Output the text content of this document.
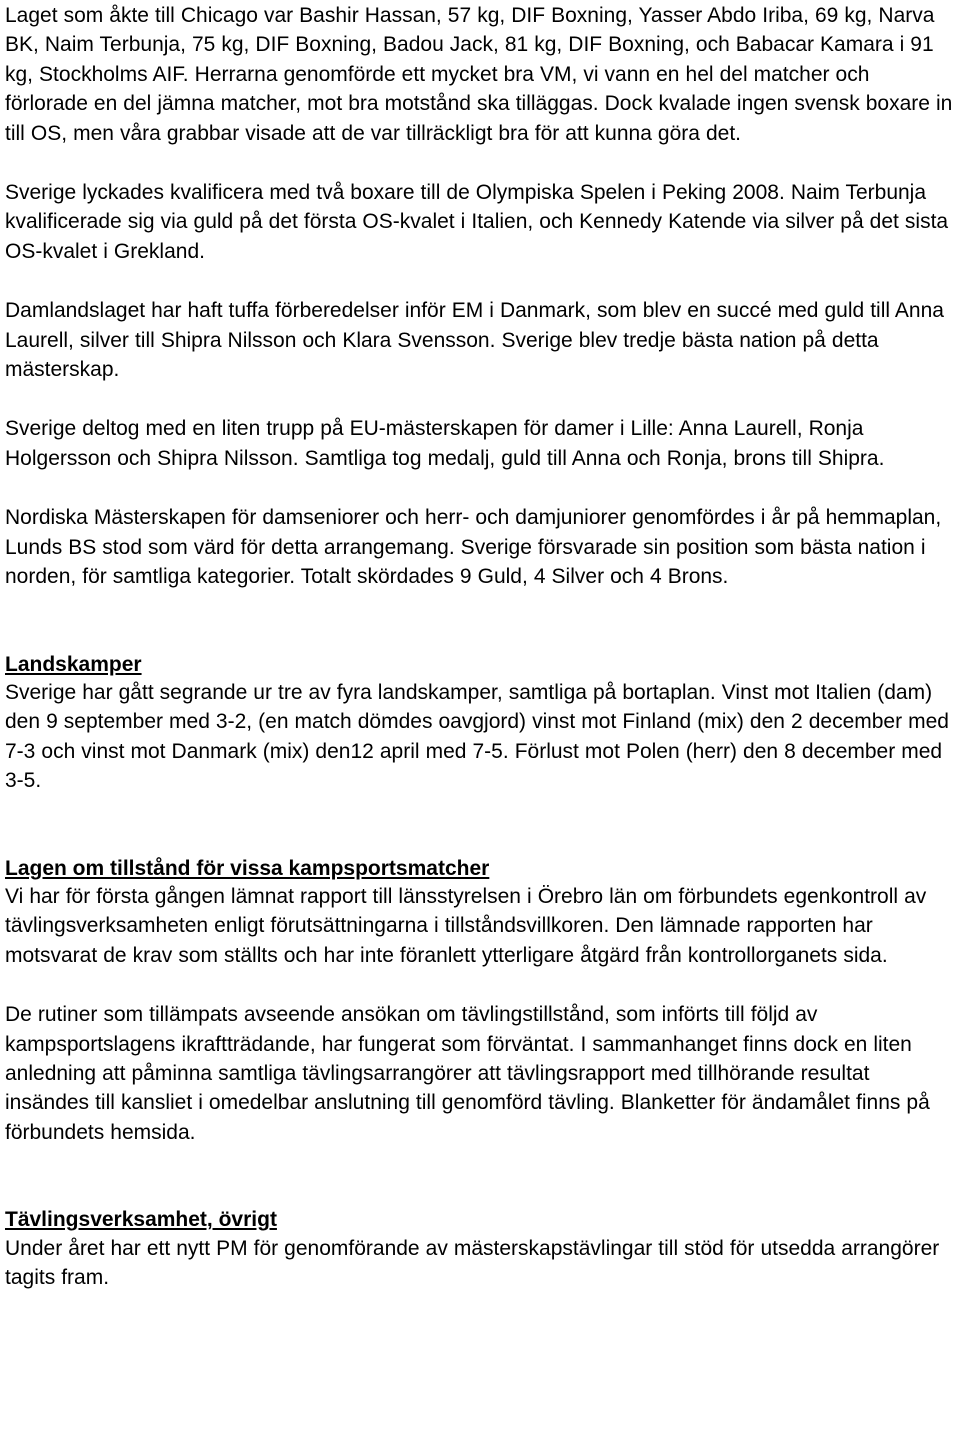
Laget som åkte till Chicago var Bashir Hassan, 57 kg, DIF Boxning, Yasser Abdo Iriba, 69 kg, Narva BK, Naim Terbunja, 75 kg, DIF Boxning, Badou Jack, 81 kg, DIF Boxning, och Babacar Kamara i 91 kg, Stockholms AIF. Herrarna genomförde ett mycket bra VM, vi vann en hel del matcher och förlorade en del jämna matcher, mot bra motstånd ska tilläggas. Dock kvalade ingen svensk boxare in till OS, men våra grabbar visade att de var tillräckligt bra för att kunna göra det.

Sverige lyckades kvalificera med två boxare till de Olympiska Spelen i Peking 2008. Naim Terbunja kvalificerade sig via guld på det första OS-kvalet i Italien, och Kennedy Katende via silver på det sista OS-kvalet i Grekland.

Damlandslaget har haft tuffa förberedelser inför EM i Danmark, som blev en succé med guld till Anna Laurell, silver till Shipra Nilsson och Klara Svensson. Sverige blev tredje bästa nation på detta mästerskap.

Sverige deltog med en liten trupp på EU-mästerskapen för damer i Lille: Anna Laurell, Ronja Holgersson och Shipra Nilsson. Samtliga tog medalj, guld till Anna och Ronja, brons till Shipra.

Nordiska Mästerskapen för damseniorer och herr- och damjuniorer genomfördes i år på hemmaplan, Lunds BS stod som värd för detta arrangemang. Sverige försvarade sin position som bästa nation i norden, för samtliga kategorier. Totalt skördades 9 Guld, 4 Silver och 4 Brons.

Landskamper

Sverige har gått segrande ur tre av fyra landskamper, samtliga på bortaplan. Vinst mot Italien (dam) den 9 september med 3-2, (en match dömdes oavgjord) vinst mot Finland (mix) den 2 december med 7-3 och vinst mot Danmark (mix) den12 april med 7-5. Förlust mot Polen (herr) den 8 december med 3-5.

Lagen om tillstånd för vissa kampsportsmatcher

Vi har för första gången lämnat rapport till länsstyrelsen i Örebro län om förbundets egenkontroll av tävlingsverksamheten enligt förutsättningarna i tillståndsvillkoren. Den lämnade rapporten har motsvarat de krav som ställts och har inte föranlett ytterligare åtgärd från kontrollorganets sida.

De rutiner som tillämpats avseende ansökan om tävlingstillstånd, som införts till följd av kampsportslagens ikraftträdande, har fungerat som förväntat. I sammanhanget finns dock en liten anledning att påminna samtliga tävlingsarrangörer att tävlingsrapport med tillhörande resultat insändes till kansliet i omedelbar anslutning till genomförd tävling. Blanketter för ändamålet finns på förbundets hemsida.

Tävlingsverksamhet, övrigt

Under året har ett nytt PM för genomförande av mästerskapstävlingar till stöd för utsedda arrangörer tagits fram.
